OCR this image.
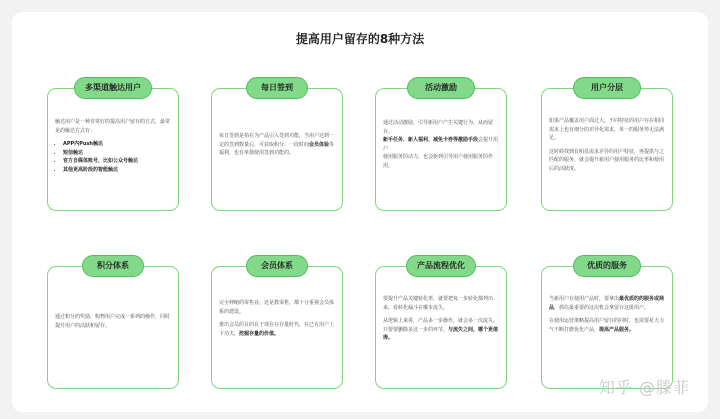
提高用户留存的8种方法
多渠道触达用户

触达用户是一种非常好的提高用户留存的方式，最常见的触达方式有：

• APP内Push触达
• 短信触达
• 官方自媒体账号，比如公众号触达
• 其他更高阶段的智能触达
每日签到

每日签到是指在为产品引入签到功能，当用户达到一定的签到数量后，可获取积分、一段时间会员体验等福利，也有单独使用签到功能的。

活动激励

通过活动激励，引导新用户产生关键行为，从而留存。
新手任务、新人福利、减免卡券等激励手段会提升用户
使用服务的动力，也会驱到引导用户使用服务的作用。

用户分层

如果产品覆盖用户面过大，不同特征的用户存在相同需求上也有细分的差异化需求，单一的服务势无法满足。

这时候找到有明显需求差异的用户特征，再提供与之匹配的服务，就会提升新用户使用服务的比率和使用后的活跃度。

积分体系

通过积分的奖励、购物用户完成一系列的操作，同时提升用户的活跃和留存。

会员体系

完全伸缩的零售业，还是教零售，都十分重视会员体系的建设。

推出会员的目的在于现在存存量时代，在已有用户上下功夫，挖掘存量的价值。

产品流程优化

要提升产品关键转化率，就要把每一步转化都列出来，看转化漏斗在哪步流失。

从逻辑上来讲，产品多一步操作，就会多一次流失。只要要删除多这一步的环节，与流失之间，哪个更值得。

优质的服务

当新用户在使用产品时，要拿出最优质的的服务或商品，抓住最重要的这次机会拿留存这批用户。

在使用运营策略提高用户留存的同时，也需要花大力气不断打磨优化产品，提高产品服务。

知乎 @滕菲
